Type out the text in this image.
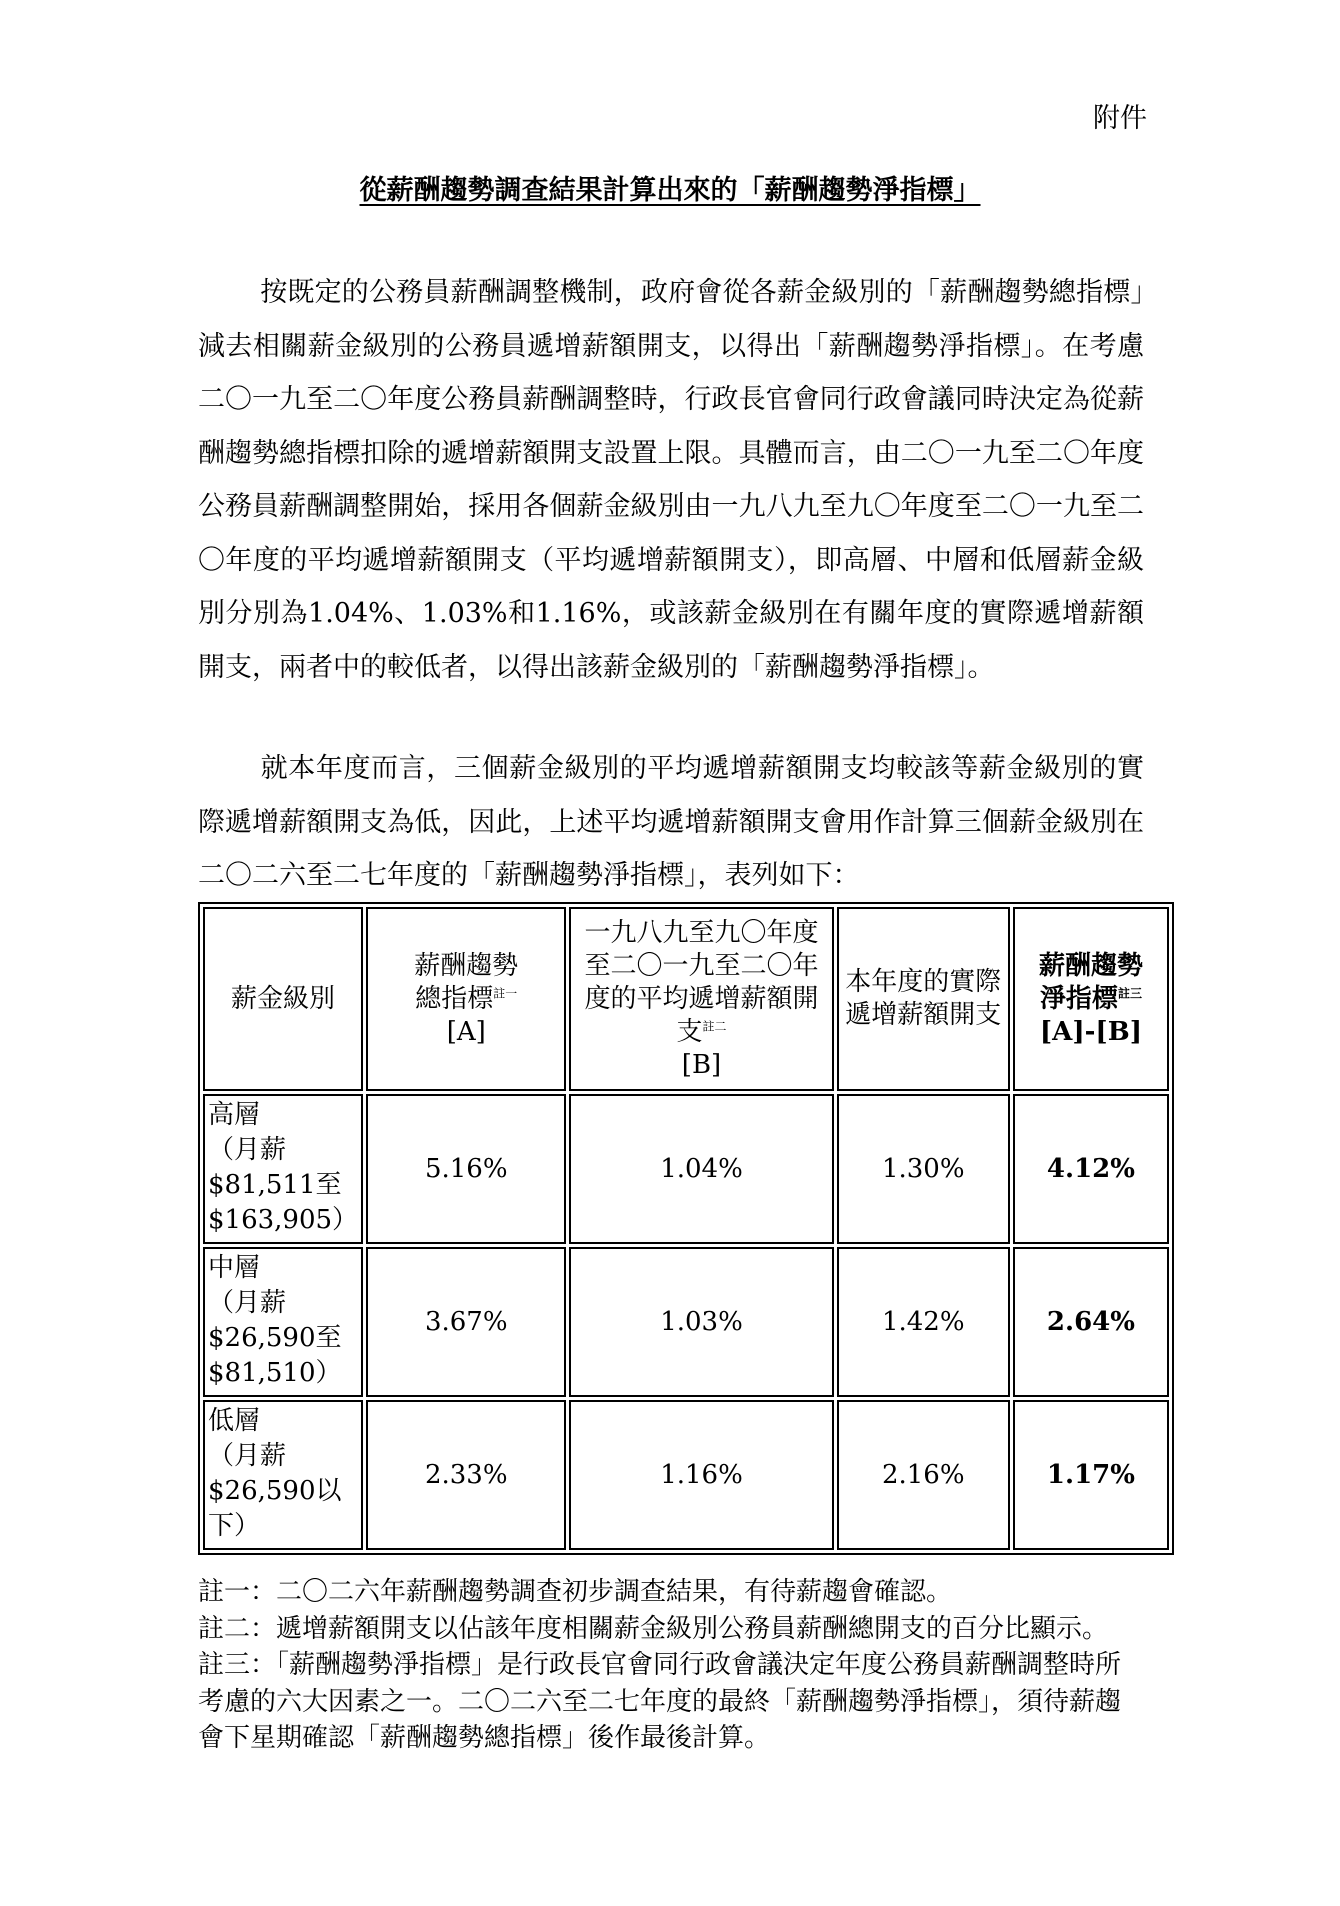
附件
從薪酬趨勢調查結果計算出來的「薪酬趨勢淨指標」
按既定的公務員薪酬調整機制，政府會從各薪金級別的「薪酬趨勢總指標」減去相關薪金級別的公務員遞增薪額開支，以得出「薪酬趨勢淨指標」。在考慮二〇一九至二〇年度公務員薪酬調整時，行政長官會同行政會議同時決定為從薪酬趨勢總指標扣除的遞增薪額開支設置上限。具體而言，由二〇一九至二〇年度公務員薪酬調整開始，採用各個薪金級別由一九八九至九〇年度至二〇一九至二〇年度的平均遞增薪額開支（平均遞增薪額開支），即高層、中層和低層薪金級別分別為1.04%、1.03%和1.16%，或該薪金級別在有關年度的實際遞增薪額開支，兩者中的較低者，以得出該薪金級別的「薪酬趨勢淨指標」。
就本年度而言，三個薪金級別的平均遞增薪額開支均較該等薪金級別的實際遞增薪額開支為低，因此，上述平均遞增薪額開支會用作計算三個薪金級別在二〇二六至二七年度的「薪酬趨勢淨指標」，表列如下：
薪金級別	薪酬趨勢
總指標$^{註一}$
[A]	一九八九至九〇年度至二〇一九至二〇年度的平均遞增薪額開支$^{註二}$
[B]	本年度的實際遞增薪額開支	薪酬趨勢
淨指標$^{註三}$
[A]-[B]
高層
（月薪
$81,511至
$163,905）	5.16%	1.04%	1.30%	4.12%
中層
（月薪
$26,590至
$81,510）	3.67%	1.03%	1.42%	2.64%
低層
（月薪
$26,590以
下）	2.33%	1.16%	2.16%	1.17%

註一：二〇二六年薪酬趨勢調查初步調查結果，有待薪趨會確認。

註二：遞增薪額開支以佔該年度相關薪金級別公務員薪酬總開支的百分比顯示。

註三：「薪酬趨勢淨指標」是行政長官會同行政會議決定年度公務員薪酬調整時所考慮的六大因素之一。二〇二六至二七年度的最終「薪酬趨勢淨指標」，須待薪趨會下星期確認「薪酬趨勢總指標」後作最後計算。
